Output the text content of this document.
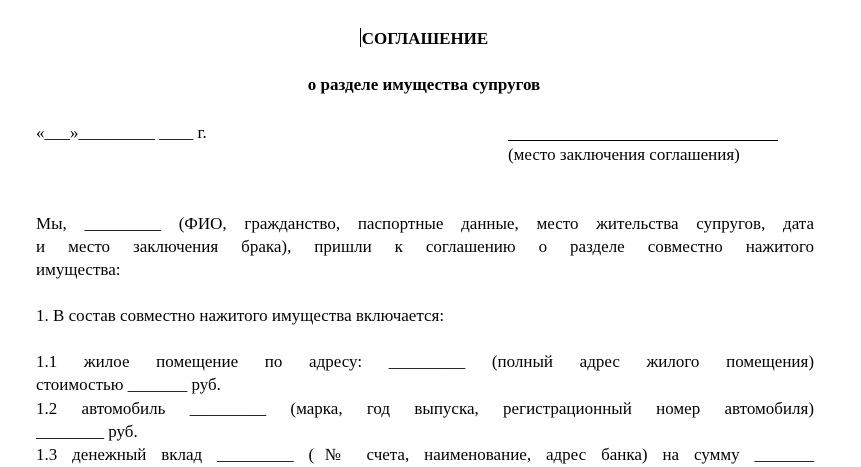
СОГЛАШЕНИЕ
о разделе имущества супругов
«___»_________ ____ г.
(место заключения соглашения)
Мы, _________ (ФИО, гражданство, паспортные данные, место жительства супругов, дата
и место заключения брака), пришли к соглашению о разделе совместно нажитого
имущества:
1. В состав совместно нажитого имущества включается:
1.1 жилое помещение по адресу: _________ (полный адрес жилого помещения)
стоимостью _______ руб.
1.2 автомобиль _________ (марка, год выпуска, регистрационный номер автомобиля)
________ руб.
1.3 денежный вклад _________ (№ счета, наименование, адрес банка) на сумму _______
